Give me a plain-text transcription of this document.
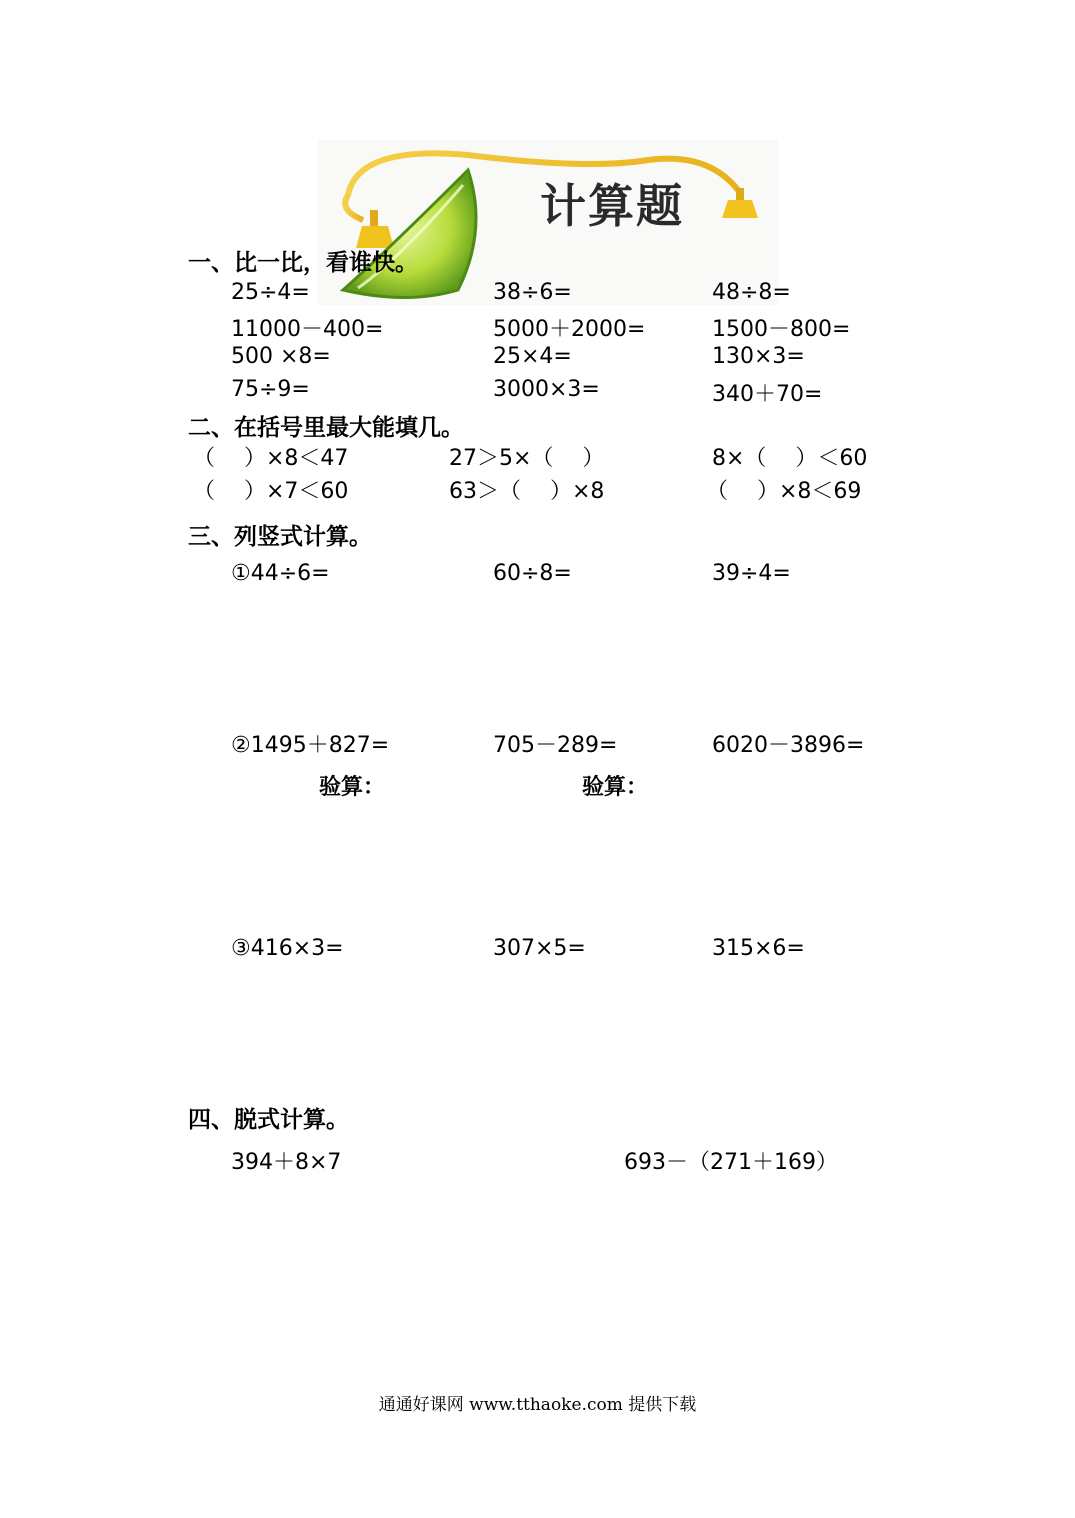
计算题
一、比一比，看谁快。
25÷4=	38÷6=	48÷8=
11000－400=	5000＋2000=	1500－800=
500 ×8=	25×4=	130×3=
75÷9=	3000×3=	340＋70=
二、在括号里最大能填几。
（　 ）×8＜47	27＞5×（　 ）	8×（　 ）＜60
（　 ）×7＜60	63＞（　 ）×8	（　 ）×8＜69
三、列竖式计算。
①44÷6=	60÷8=	39÷4=
②1495＋827=	705－289=	6020－3896=
验算：	验算：
③416×3=	307×5=	315×6=
四、脱式计算。
394＋8×7	693－（271＋169）
通通好课网 www.tthaoke.com 提供下载
